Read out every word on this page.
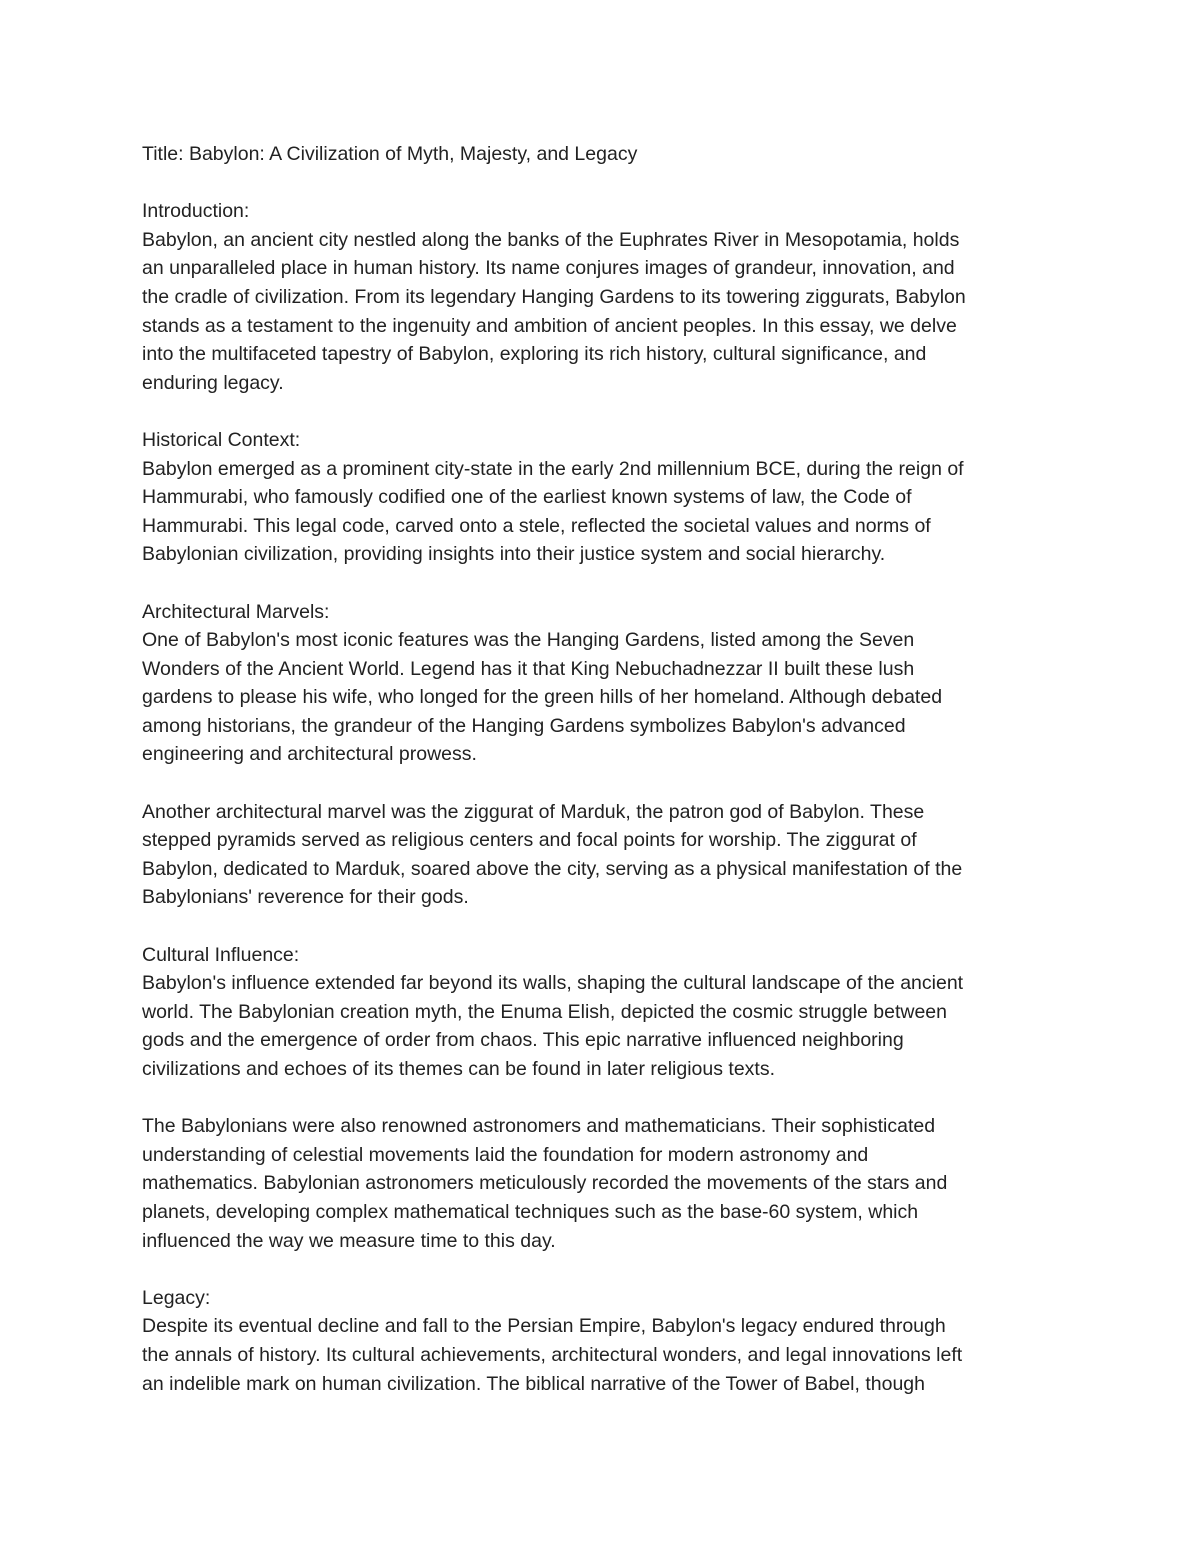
Title: Babylon: A Civilization of Myth, Majesty, and Legacy

Introduction:

Babylon, an ancient city nestled along the banks of the Euphrates River in Mesopotamia, holds

an unparalleled place in human history. Its name conjures images of grandeur, innovation, and

the cradle of civilization. From its legendary Hanging Gardens to its towering ziggurats, Babylon

stands as a testament to the ingenuity and ambition of ancient peoples. In this essay, we delve

into the multifaceted tapestry of Babylon, exploring its rich history, cultural significance, and

enduring legacy.

Historical Context:

Babylon emerged as a prominent city-state in the early 2nd millennium BCE, during the reign of

Hammurabi, who famously codified one of the earliest known systems of law, the Code of

Hammurabi. This legal code, carved onto a stele, reflected the societal values and norms of

Babylonian civilization, providing insights into their justice system and social hierarchy.

Architectural Marvels:

One of Babylon's most iconic features was the Hanging Gardens, listed among the Seven

Wonders of the Ancient World. Legend has it that King Nebuchadnezzar II built these lush

gardens to please his wife, who longed for the green hills of her homeland. Although debated

among historians, the grandeur of the Hanging Gardens symbolizes Babylon's advanced

engineering and architectural prowess.

Another architectural marvel was the ziggurat of Marduk, the patron god of Babylon. These

stepped pyramids served as religious centers and focal points for worship. The ziggurat of

Babylon, dedicated to Marduk, soared above the city, serving as a physical manifestation of the

Babylonians' reverence for their gods.

Cultural Influence:

Babylon's influence extended far beyond its walls, shaping the cultural landscape of the ancient

world. The Babylonian creation myth, the Enuma Elish, depicted the cosmic struggle between

gods and the emergence of order from chaos. This epic narrative influenced neighboring

civilizations and echoes of its themes can be found in later religious texts.

The Babylonians were also renowned astronomers and mathematicians. Their sophisticated

understanding of celestial movements laid the foundation for modern astronomy and

mathematics. Babylonian astronomers meticulously recorded the movements of the stars and

planets, developing complex mathematical techniques such as the base-60 system, which

influenced the way we measure time to this day.

Legacy:

Despite its eventual decline and fall to the Persian Empire, Babylon's legacy endured through

the annals of history. Its cultural achievements, architectural wonders, and legal innovations left

an indelible mark on human civilization. The biblical narrative of the Tower of Babel, though
